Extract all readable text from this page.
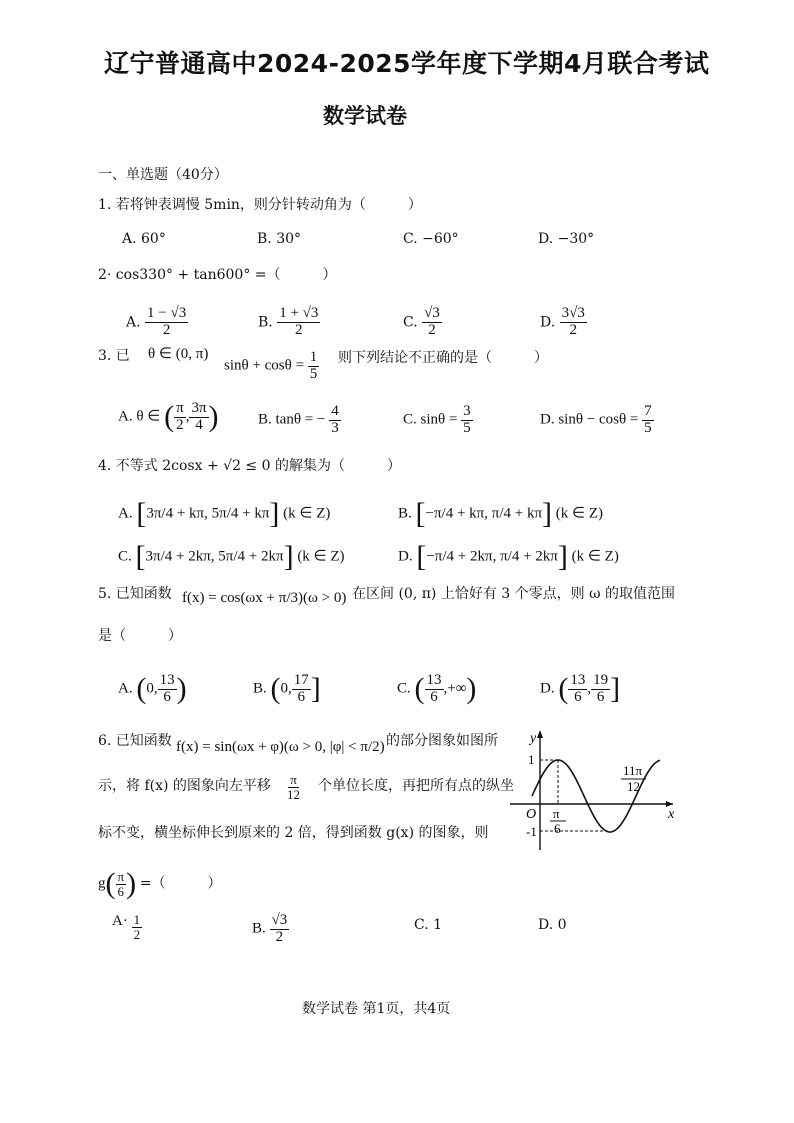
辽宁普通高中2024-2025学年度下学期4月联合考试
数学试卷
一、单选题（40分）
1. 若将钟表调慢 5min，则分针转动角为（　　　）
A. 60°	B. 30°	C. −60°	D. −30°
2· cos330° + tan600° =（　　　）
A. $\frac{1 - √3}{2}$	B. $\frac{1 + √3}{2}$	C. $\frac{√3}{2}$	D. $\frac{3√3}{2}$
3. 已 θ ∈ (0, π)
$\sin\theta + \cos\theta = \frac{1}{5}$ 则下列结论不正确的是（　　　）
A. θ ∈ ( $\frac{\pi}{2}$ , $\frac{3\pi}{4}$ )	B. tanθ = − $\frac{4}{3}$	C. $\sin\theta = \frac{3}{5}$	D. $\sin\theta - \cos\theta = \frac{7}{5}$
4. 不等式 2cosx + √2 ≤ 0 的解集为（　　　）
A. [3π/4 + kπ, 5π/4 + kπ] (k ∈ Z)	B. [−π/4 + kπ, π/4 + kπ] (k ∈ Z)
C. [3π/4 + 2kπ, 5π/4 + 2kπ] (k ∈ Z)	D. [−π/4 + 2kπ, π/4 + 2kπ] (k ∈ Z)
5. 已知函数 f(x) = cos(ωx + π/3)(ω > 0) 在区间 (0, π) 上恰好有 3 个零点，则 ω 的取值范围
是（　　　）
A. (0, $\frac{13}{6}$ )	B. (0, $\frac{17}{6}$ ]	C. ( $\frac{13}{6}$ ,+∞)	D. ( $\frac{13}{6}$ , $\frac{19}{6}$ ]
6. 已知函数 f(x) = sin(ωx + φ)(ω > 0, |φ| < π/2) 的部分图象如图所
示，将 f(x) 的图象向左平移 $\frac{\pi}{12}$ 个单位长度，再把所有点的纵坐
标不变，横坐标伸长到原来的 2 倍，得到函数 g(x) 的图象，则
$g( \frac{\pi}{6}$ ) =（　　　）
$A\cdot \frac{1}{2}$	B. $\frac{√3}{2}$	C. 1	D. 0
y
x
O
1
-1
π
6
11π
12
数学试卷 第1页，共4页
